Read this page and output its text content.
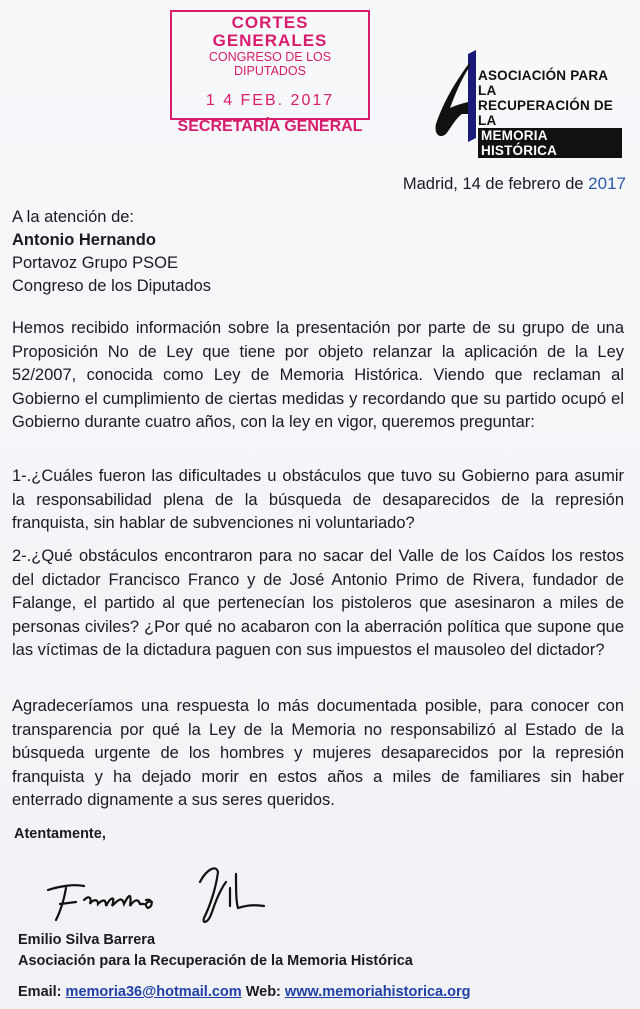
CORTES GENERALES
CONGRESO DE LOS DIPUTADOS
1 4 FEB. 2017
SECRETARÍA GENERAL
ASOCIACIÓN PARA LA
RECUPERACIÓN DE LA
MEMORIA HISTÓRICA
Madrid, 14 de febrero de 2017
A la atención de:
Antonio Hernando
Portavoz Grupo PSOE
Congreso de los Diputados

Hemos recibido información sobre la presentación por parte de su grupo de una Proposición No de Ley que tiene por objeto relanzar la aplicación de la Ley 52/2007, conocida como Ley de Memoria Histórica. Viendo que reclaman al Gobierno el cumplimiento de ciertas medidas y recordando que su partido ocupó el Gobierno durante cuatro años, con la ley en vigor, queremos preguntar:

1-.¿Cuáles fueron las dificultades u obstáculos que tuvo su Gobierno para asumir la responsabilidad plena de la búsqueda de desaparecidos de la represión franquista, sin hablar de subvenciones ni voluntariado?

2-.¿Qué obstáculos encontraron para no sacar del Valle de los Caídos los restos del dictador Francisco Franco y de José Antonio Primo de Rivera, fundador de Falange, el partido al que pertenecían los pistoleros que asesinaron a miles de personas civiles? ¿Por qué no acabaron con la aberración política que supone que las víctimas de la dictadura paguen con sus impuestos el mausoleo del dictador?

Agradeceríamos una respuesta lo más documentada posible, para conocer con transparencia por qué la Ley de la Memoria no responsabilizó al Estado de la búsqueda urgente de los hombres y mujeres desaparecidos por la represión franquista y ha dejado morir en estos años a miles de familiares sin haber enterrado dignamente a sus seres queridos.

Atentamente,
Emilio Silva Barrera
Asociación para la Recuperación de la Memoria Histórica
Email: memoria36@hotmail.com Web: www.memoriahistorica.org
